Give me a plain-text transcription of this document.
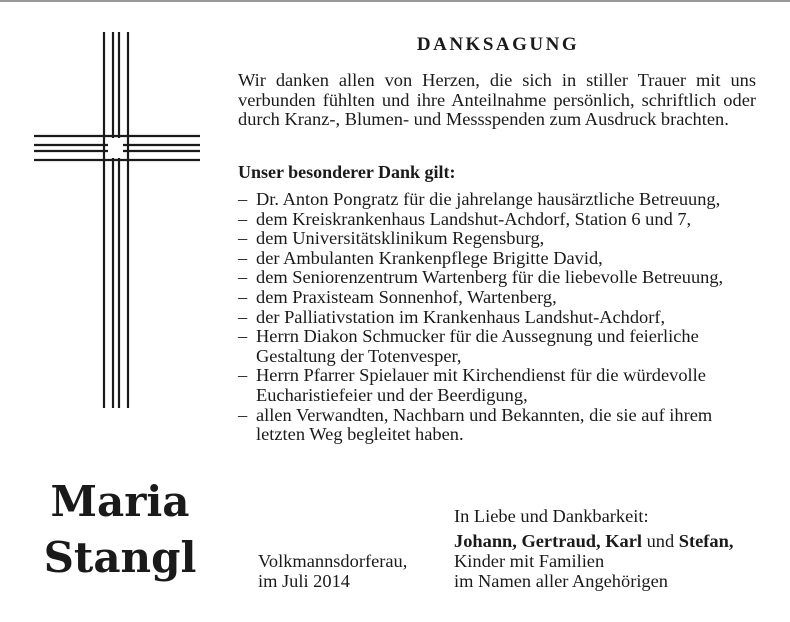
Maria
Stangl
DANKSAGUNG

Wir danken allen von Herzen, die sich in stiller Trauer mit uns verbunden fühlten und ihre Anteilnahme persönlich, schriftlich oder durch Kranz-, Blumen- und Messspenden zum Ausdruck brachten.

Unser besonderer Dank gilt:
– Dr. Anton Pongratz für die jahrelange hausärztliche Betreuung,
– dem Kreiskrankenhaus Landshut-Achdorf, Station 6 und 7,
– dem Universitätsklinikum Regensburg,
– der Ambulanten Krankenpflege Brigitte David,
– dem Seniorenzentrum Wartenberg für die liebevolle Betreuung,
– dem Praxisteam Sonnenhof, Wartenberg,
– der Palliativstation im Krankenhaus Landshut-Achdorf,
– Herrn Diakon Schmucker für die Aussegnung und feierliche Gestaltung der Totenvesper,
– Herrn Pfarrer Spielauer mit Kirchendienst für die würdevolle Eucharistiefeier und der Beerdigung,
– allen Verwandten, Nachbarn und Bekannten, die sie auf ihrem letzten Weg begleitet haben.
In Liebe und Dankbarkeit:
Johann, Gertraud, Karl und Stefan,
Kinder mit Familien
im Namen aller Angehörigen
Volkmannsdorferau,
im Juli 2014
